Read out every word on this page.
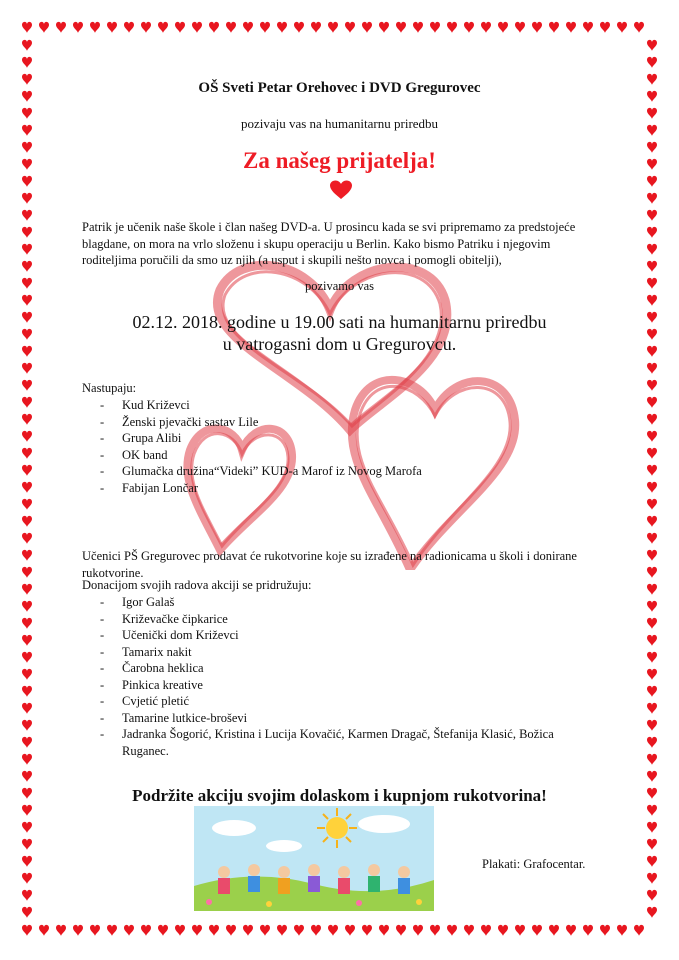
OŠ Sveti Petar Orehovec i DVD Gregurovec
pozivaju vas na humanitarnu priredbu
Za našeg prijatelja!
Patrik je učenik naše škole i član našeg DVD-a. U prosincu kada se svi pripremamo za predstojeće blagdane, on mora na vrlo složenu i skupu operaciju u Berlin. Kako bismo Patriku i njegovim roditeljima poručili da smo uz njih (a usput i skupili nešto novca i pomogli obitelji),
pozivamo vas
02.12. 2018. godine u 19.00 sati na humanitarnu priredbu
u vatrogasni dom u Gregurovcu.
Nastupaju:
- Kud Križevci
- Ženski pjevački sastav Lile
- Grupa Alibi
- OK band
- Glumačka družina“Videki” KUD-a Marof iz Novog Marofa
- Fabijan Lončar
Učenici PŠ Gregurovec prodavat će rukotvorine koje su izrađene na radionicama u školi i donirane rukotvorine.
Donacijom svojih radova akciji se pridružuju:
- Igor Galaš
- Križevačke čipkarice
- Učenički dom Križevci
- Tamarix nakit
- Čarobna heklica
- Pinkica kreative
- Cvjetić pletić
- Tamarine lutkice-broševi
- Jadranka Šogorić, Kristina i Lucija Kovačić, Karmen Dragač, Štefanija Klasić, Božica Ruganec.
Podržite akciju svojim dolaskom i kupnjom rukotvorina!
Plakati: Grafocentar.
